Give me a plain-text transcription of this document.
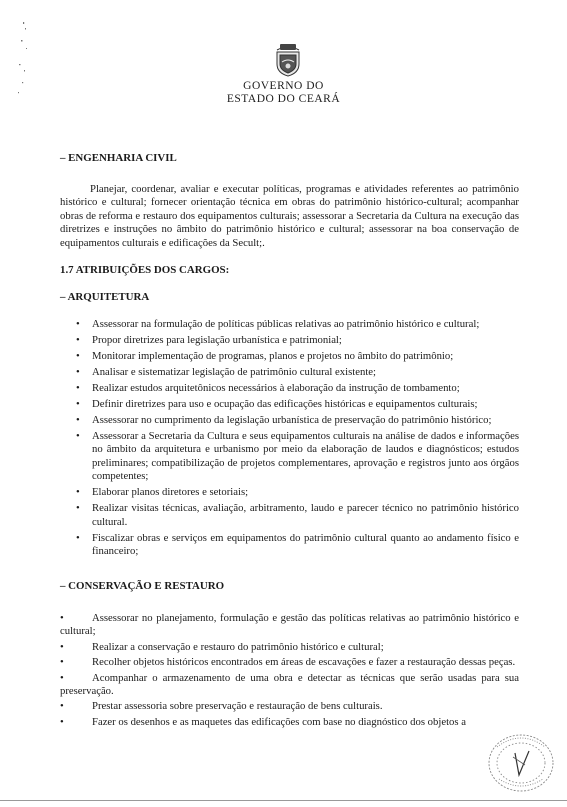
GOVERNO DO
ESTADO DO CEARÁ
– ENGENHARIA CIVIL
Planejar, coordenar, avaliar e executar políticas, programas e atividades referentes ao patrimônio histórico e cultural; fornecer orientação técnica em obras do patrimônio histórico-cultural; acompanhar obras de reforma e restauro dos equipamentos culturais; assessorar a Secretaria da Cultura na execução das diretrizes e instruções no âmbito do patrimônio histórico e cultural; assessorar na boa conservação de equipamentos culturais e edificações da Secult;.
1.7 ATRIBUIÇÕES DOS CARGOS:
– ARQUITETURA
• Assessorar na formulação de políticas públicas relativas ao patrimônio histórico e cultural;
• Propor diretrizes para legislação urbanística e patrimonial;
• Monitorar implementação de programas, planos e projetos no âmbito do patrimônio;
• Analisar e sistematizar legislação de patrimônio cultural existente;
• Realizar estudos arquitetônicos necessários à elaboração da instrução de tombamento;
• Definir diretrizes para uso e ocupação das edificações históricas e equipamentos culturais;
• Assessorar no cumprimento da legislação urbanística de preservação do patrimônio histórico;
• Assessorar a Secretaria da Cultura e seus equipamentos culturais na análise de dados e informações no âmbito da arquitetura e urbanismo por meio da elaboração de laudos e diagnósticos; estudos preliminares; compatibilização de projetos complementares, aprovação e registros junto aos órgãos competentes;
• Elaborar planos diretores e setoriais;
• Realizar visitas técnicas, avaliação, arbitramento, laudo e parecer técnico no patrimônio histórico cultural.
• Fiscalizar obras e serviços em equipamentos do patrimônio cultural quanto ao andamento físico e financeiro;
– CONSERVAÇÃO E RESTAURO
•	Assessorar no planejamento, formulação e gestão das políticas relativas ao patrimônio histórico e cultural;
•	Realizar a conservação e restauro do patrimônio histórico e cultural;
•	Recolher objetos históricos encontrados em áreas de escavações e fazer a restauração dessas peças.
•	Acompanhar o armazenamento de uma obra e detectar as técnicas que serão usadas para sua preservação.
•	Prestar assessoria sobre preservação e restauração de bens culturais.
•	Fazer os desenhos e as maquetes das edificações com base no diagnóstico dos objetos a
